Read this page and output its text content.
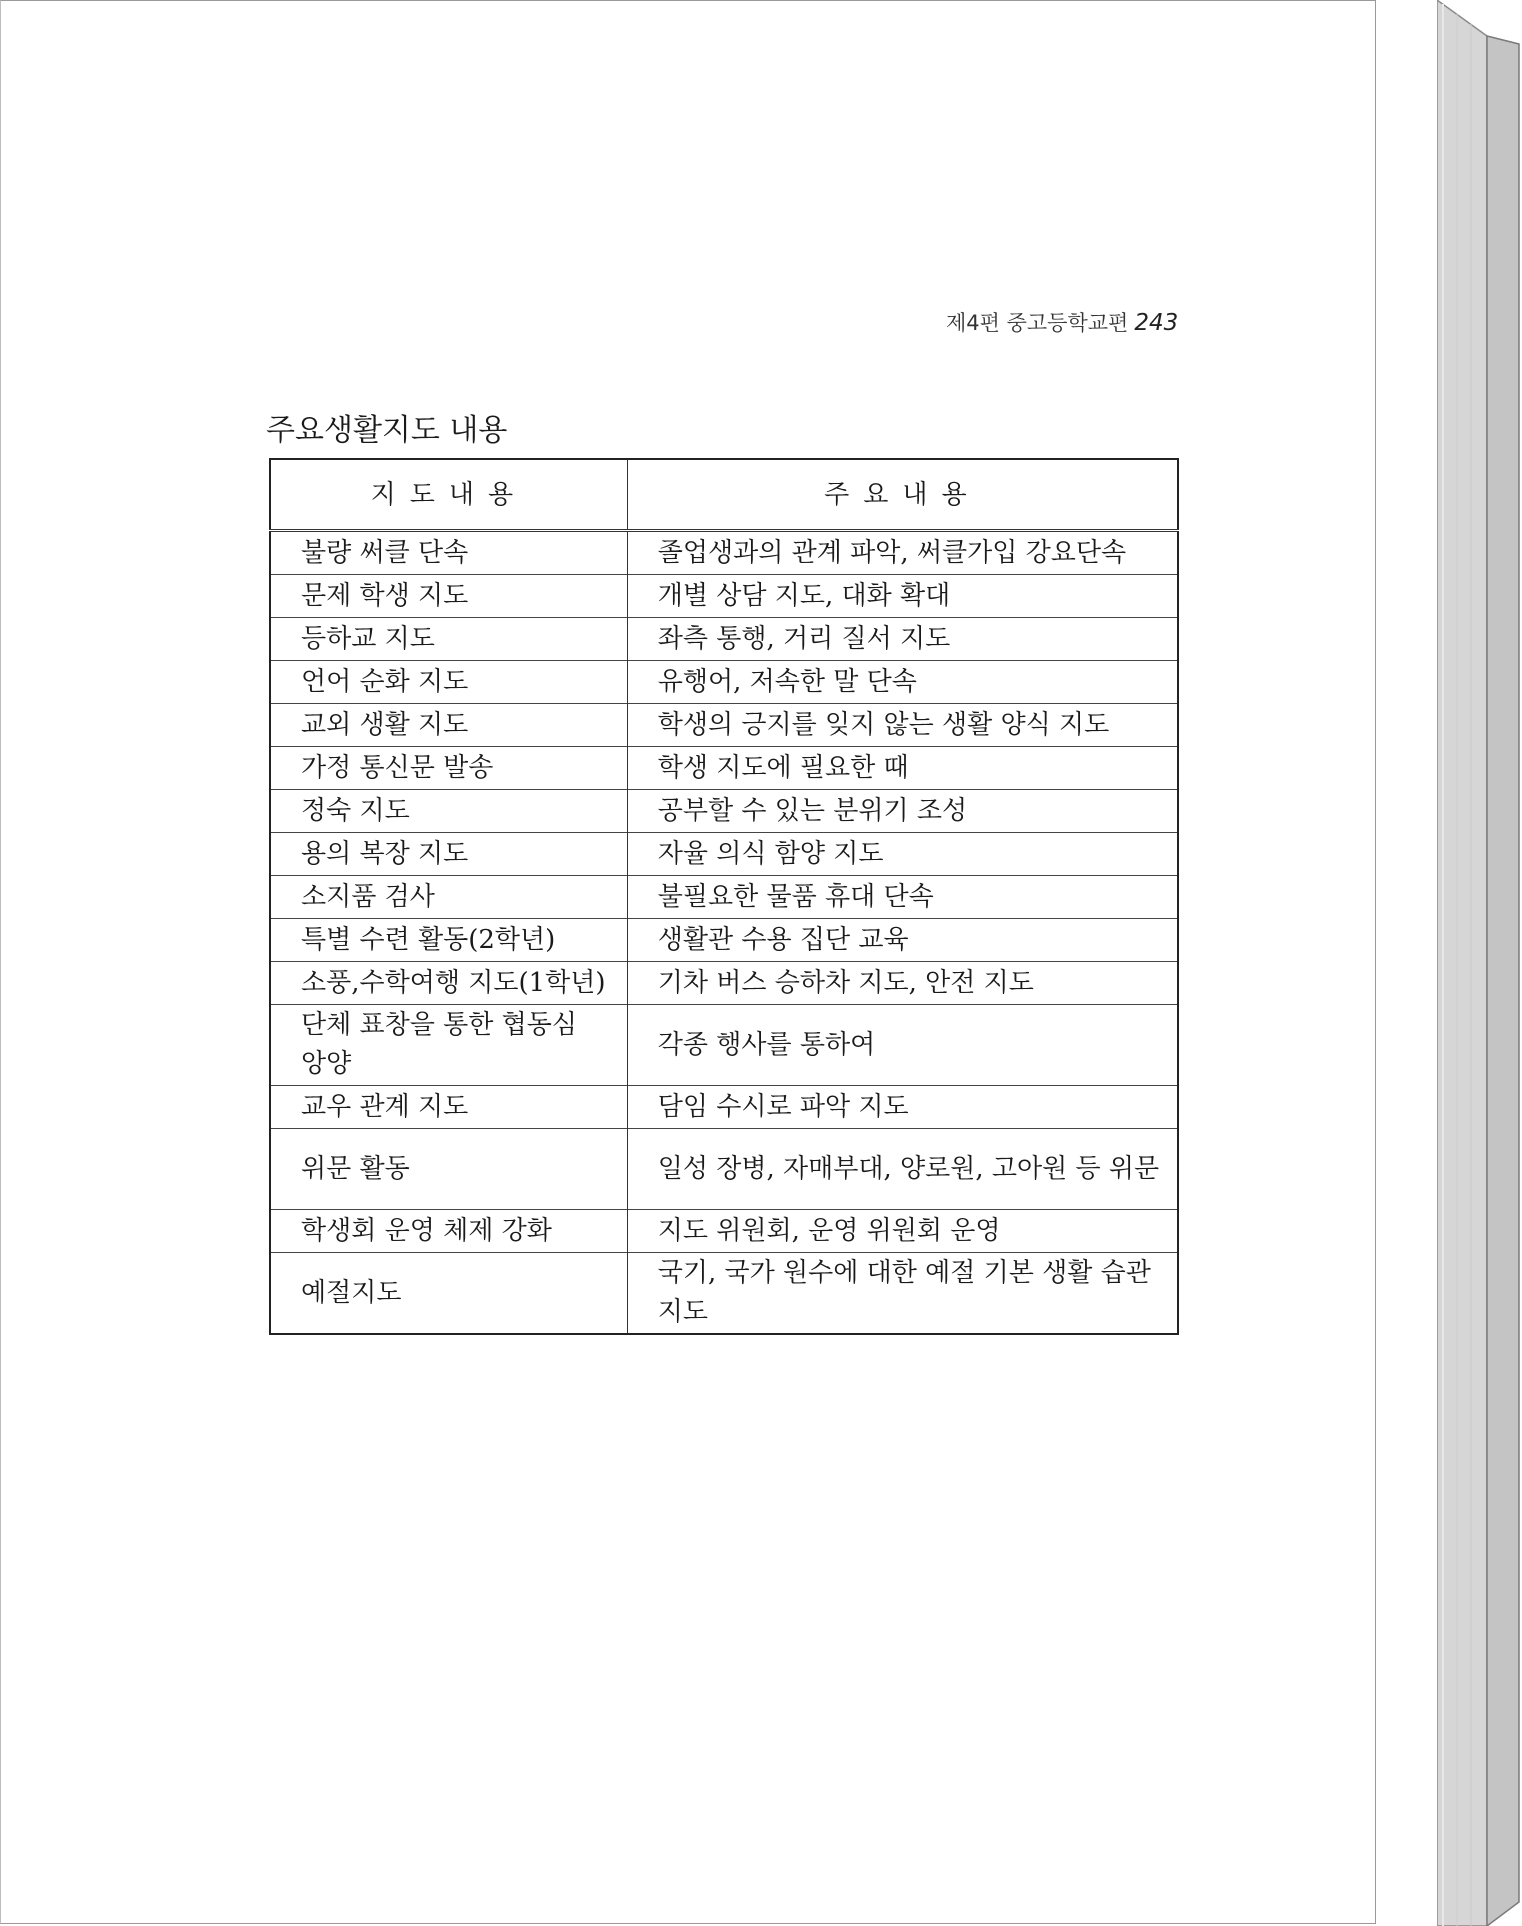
제4편 중고등학교편 243
주요생활지도 내용
지도내용	주요내용
불량 써클 단속	졸업생과의 관계 파악, 써클가입 강요단속
문제 학생 지도	개별 상담 지도, 대화 확대
등하교 지도	좌측 통행, 거리 질서 지도
언어 순화 지도	유행어, 저속한 말 단속
교외 생활 지도	학생의 긍지를 잊지 않는 생활 양식 지도
가정 통신문 발송	학생 지도에 필요한 때
정숙 지도	공부할 수 있는 분위기 조성
용의 복장 지도	자율 의식 함양 지도
소지품 검사	불필요한 물품 휴대 단속
특별 수련 활동(2학년)	생활관 수용 집단 교육
소풍,수학여행 지도(1학년)	기차 버스 승하차 지도, 안전 지도
단체 표창을 통한 협동심 앙양	각종 행사를 통하여
교우 관계 지도	담임 수시로 파악 지도
위문 활동	일성 장병, 자매부대, 양로원, 고아원 등 위문
학생회 운영 체제 강화	지도 위원회, 운영 위원회 운영
예절지도	국기, 국가 원수에 대한 예절 기본 생활 습관 지도
